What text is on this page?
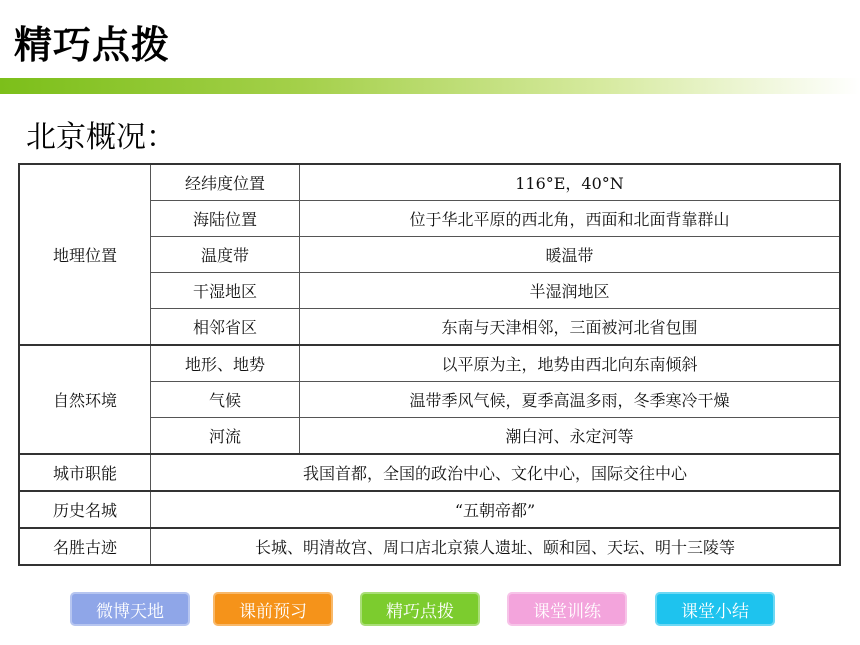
精巧点拨
北京概况：
地理位置	经纬度位置	116°E，40°N
	海陆位置	位于华北平原的西北角，西面和北面背靠群山
	温度带	暖温带
	干湿地区	半湿润地区
	相邻省区	东南与天津相邻，三面被河北省包围
自然环境	地形、地势	以平原为主，地势由西北向东南倾斜
	气候	温带季风气候，夏季高温多雨，冬季寒冷干燥
	河流	潮白河、永定河等
城市职能	我国首都，全国的政治中心、文化中心，国际交往中心	
历史名城	“五朝帝都”	
名胜古迹	长城、明清故宫、周口店北京猿人遗址、颐和园、天坛、明十三陵等	
微博天地	课前预习	精巧点拨	课堂训练	课堂小结
